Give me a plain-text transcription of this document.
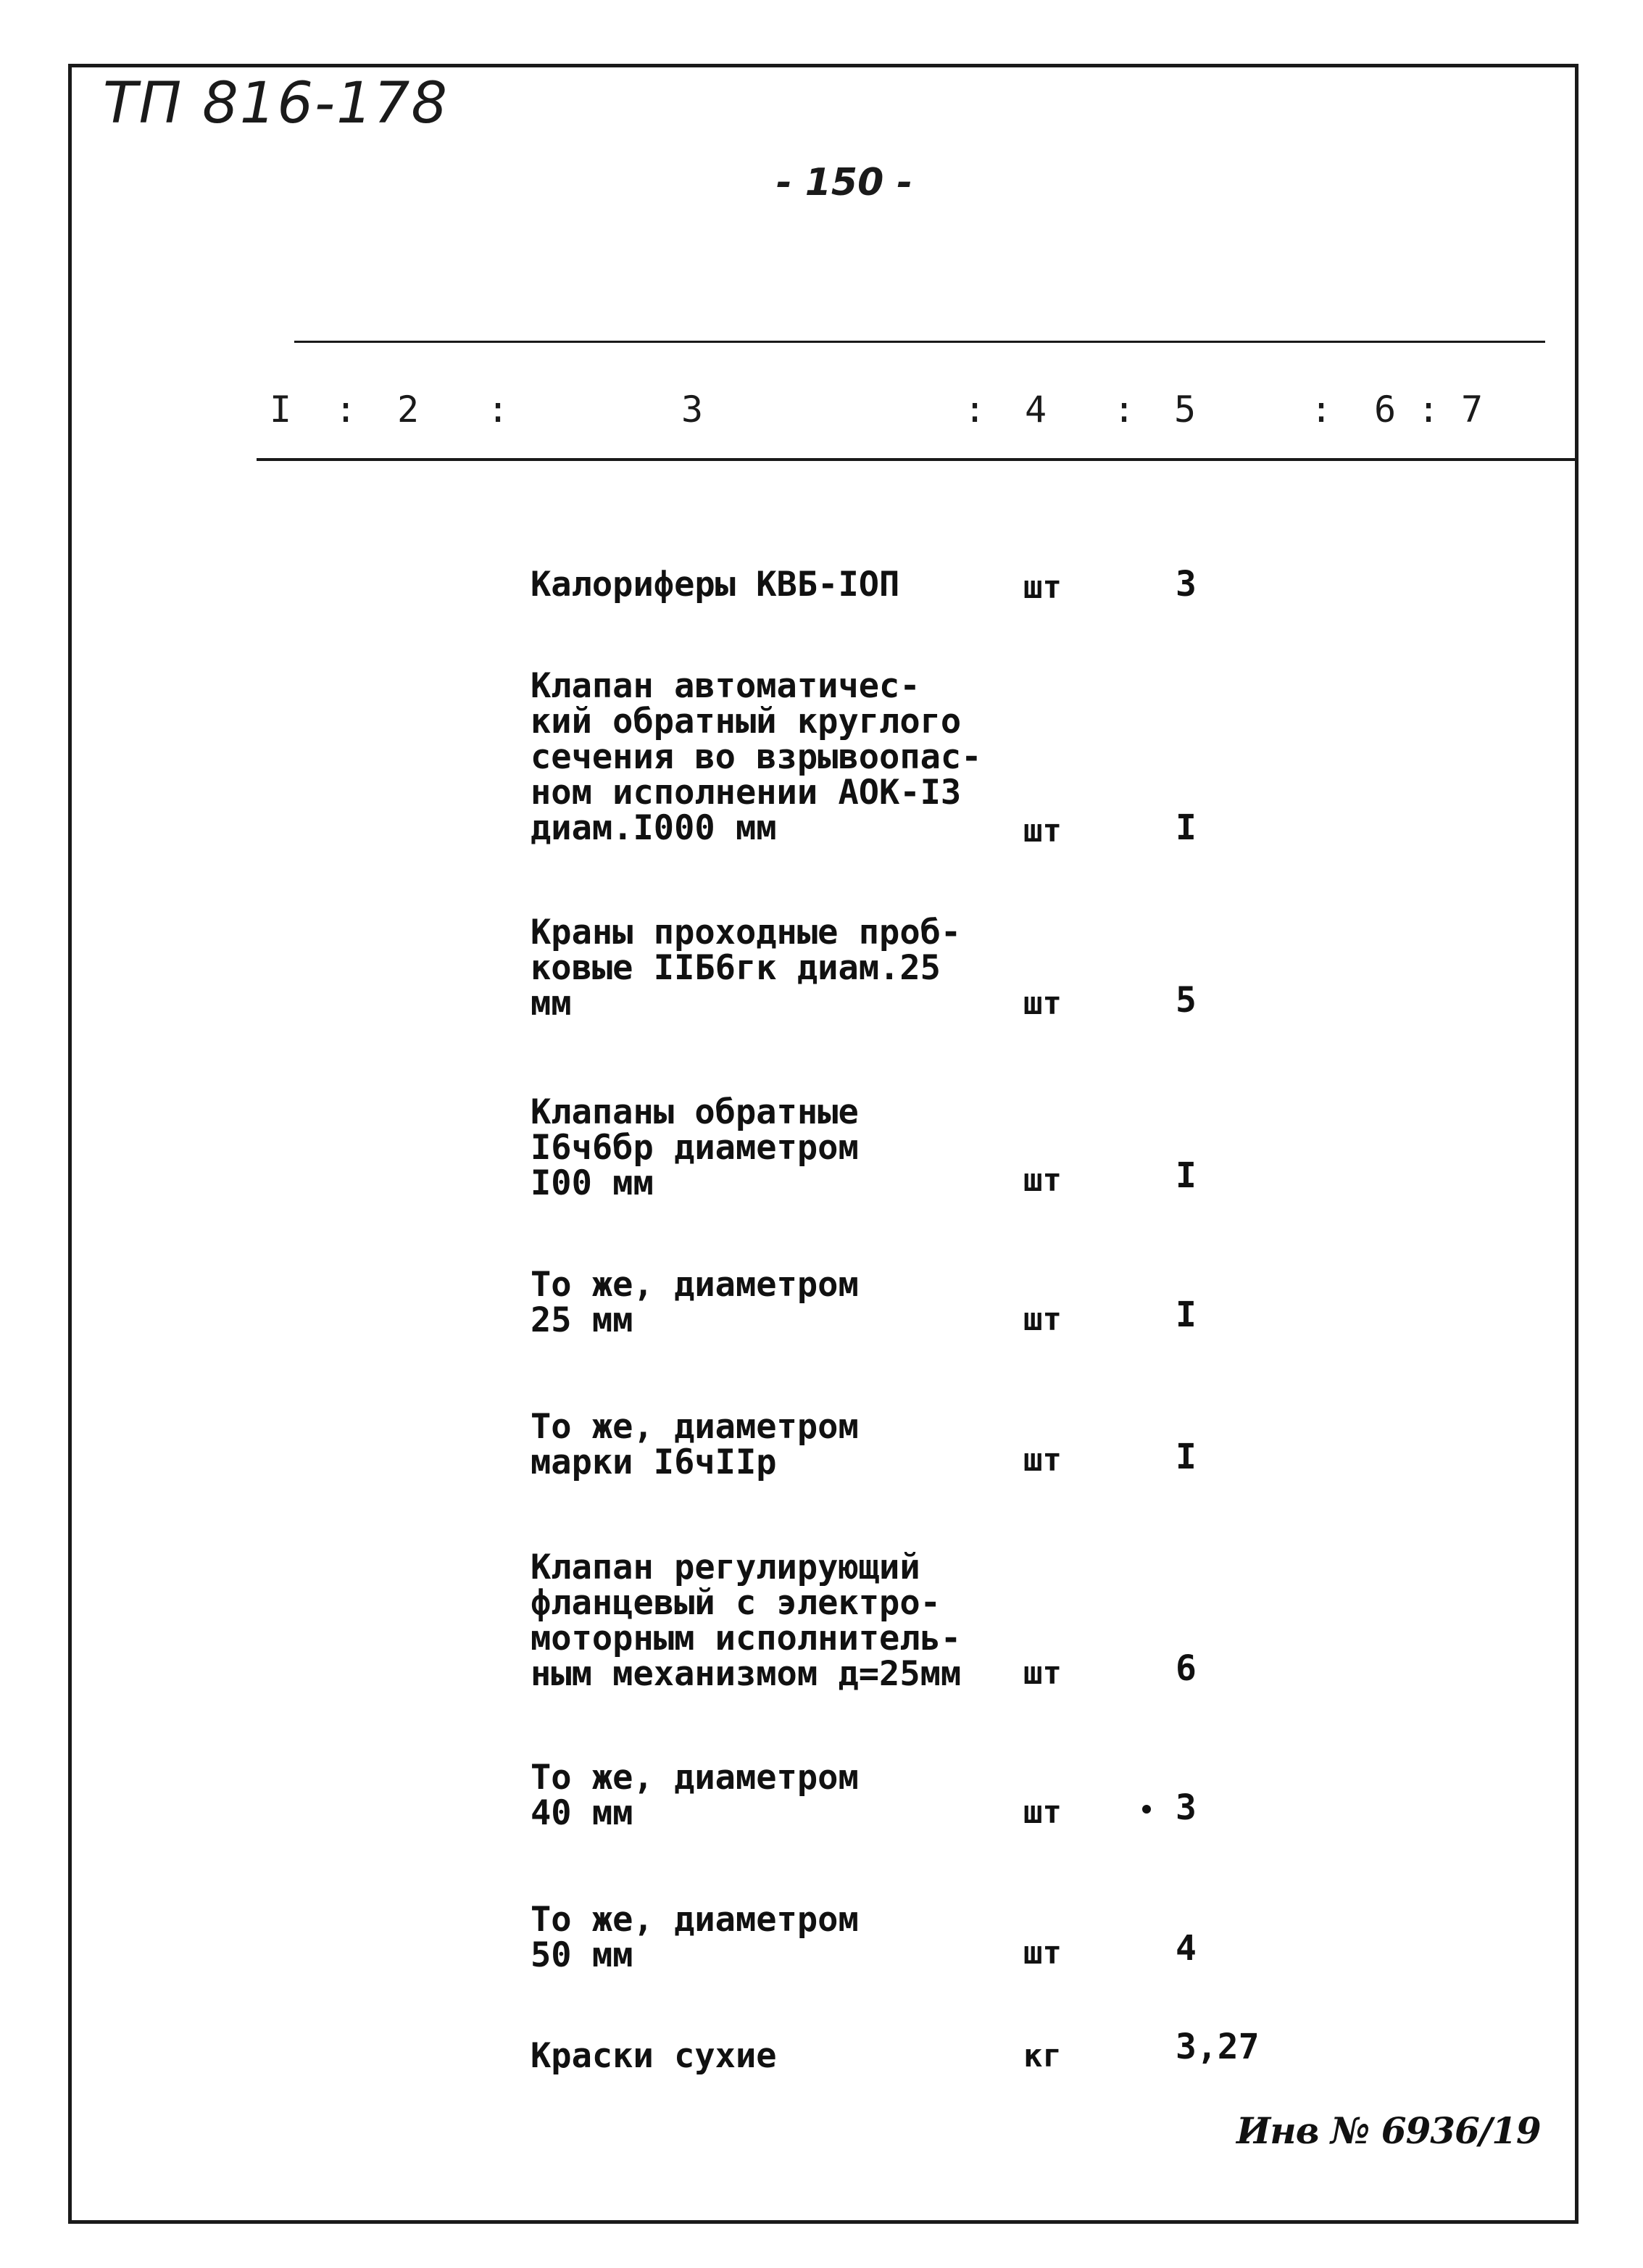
ТП 816-178
- 150 -
I : 2 :	3	: 4 : 5	: 6 : 7
Калориферы КВБ-IОП	шт	3
Клапан автоматичес-
кий обратный круглого
сечения во взрывоопас-
ном исполнении АОК-I3
диам.I000 мм	шт	I
Краны проходные проб-
ковые IIБ6гк диам.25
мм	шт	5
Клапаны обратные
I6ч6бр диаметром
I00 мм	шт	I
То же, диаметром
25 мм	шт	I
То же, диаметром
марки I6чIIр	шт	I
Клапан регулирующий
фланцевый с электро-
моторным исполнитель-
ным механизмом д=25мм	шт	6
То же, диаметром
40 мм	шт	3
То же, диаметром
50 мм	шт	4
Краски сухие	кг	3,27
Инв № 6936/19
